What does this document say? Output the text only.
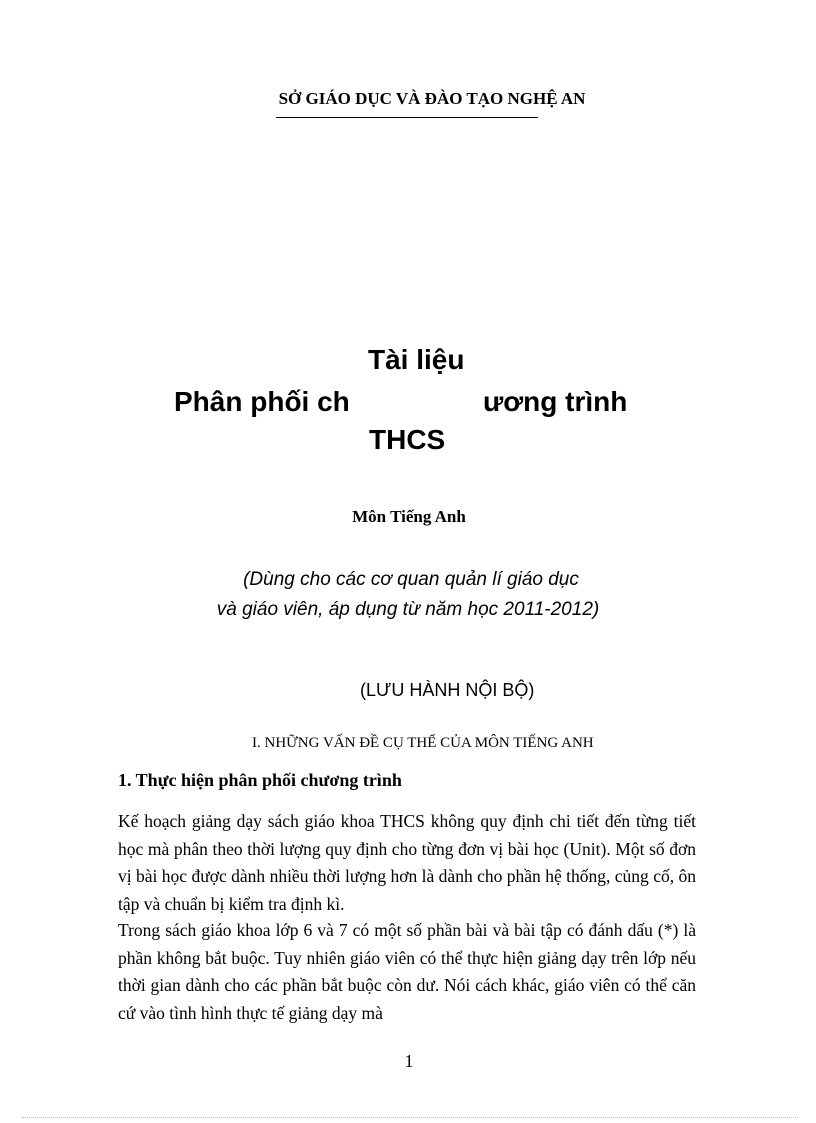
SỞ GIÁO DỤC VÀ ĐÀO TẠO NGHỆ AN
Tài liệu
Phân phối ch	ương trình
THCS
Môn Tiếng Anh
(Dùng cho các cơ quan quản lí giáo dục
và giáo viên, áp dụng từ năm học 2011-2012)
(LƯU HÀNH NỘI BỘ)
I. NHỮNG VẤN ĐỀ CỤ THỂ CỦA MÔN TIẾNG ANH
1. Thực hiện phân phối chương trình

Kế hoạch giảng dạy sách giáo khoa THCS không quy định chi tiết đến từng tiết học mà phân theo thời lượng quy định cho từng đơn vị bài học (Unit). Một số đơn vị bài học được dành nhiều thời lượng hơn là dành cho phần hệ thống, củng cố, ôn tập và chuẩn bị kiểm tra định kì.

Trong sách giáo khoa lớp 6 và 7 có một số phần bài và bài tập có đánh dấu (*) là phần không bắt buộc. Tuy nhiên giáo viên có thể thực hiện giảng dạy trên lớp nếu thời gian dành cho các phần bắt buộc còn dư. Nói cách khác, giáo viên có thể căn cứ vào tình hình thực tế giảng dạy mà

1
